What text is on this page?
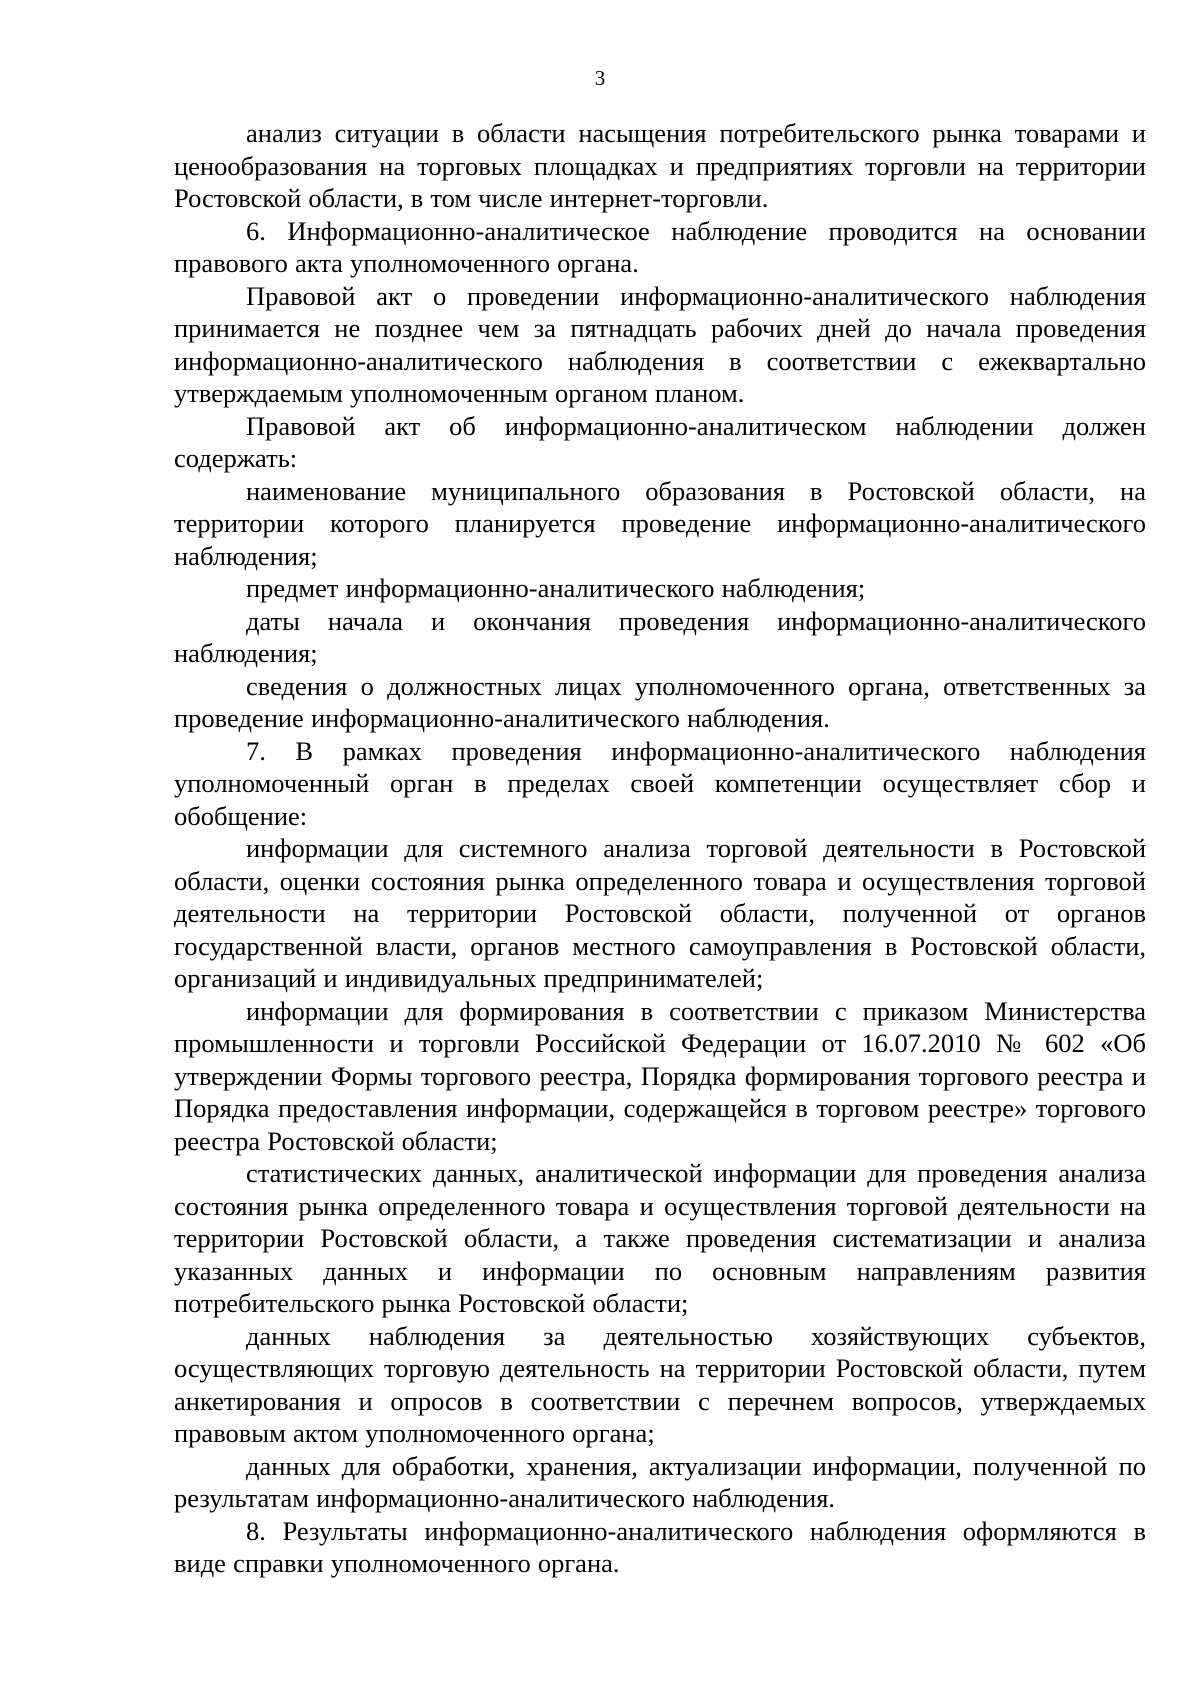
3

анализ ситуации в области насыщения потребительского рынка товарами и ценообразования на торговых площадках и предприятиях торговли на территории Ростовской области, в том числе интернет-торговли.

6. Информационно-аналитическое наблюдение проводится на основании правового акта уполномоченного органа.

Правовой акт о проведении информационно-аналитического наблюдения принимается не позднее чем за пятнадцать рабочих дней до начала проведения информационно-аналитического наблюдения в соответствии с ежеквартально утверждаемым уполномоченным органом планом.

Правовой акт об информационно-аналитическом наблюдении должен содержать:

наименование муниципального образования в Ростовской области, на территории которого планируется проведение информационно-аналитического наблюдения;

предмет информационно-аналитического наблюдения;

даты начала и окончания проведения информационно-аналитического наблюдения;

сведения о должностных лицах уполномоченного органа, ответственных за проведение информационно-аналитического наблюдения.

7. В рамках проведения информационно-аналитического наблюдения уполномоченный орган в пределах своей компетенции осуществляет сбор и обобщение:

информации для системного анализа торговой деятельности в Ростовской области, оценки состояния рынка определенного товара и осуществления торговой деятельности на территории Ростовской области, полученной от органов государственной власти, органов местного самоуправления в Ростовской области, организаций и индивидуальных предпринимателей;

информации для формирования в соответствии с приказом Министерства промышленности и торговли Российской Федерации от 16.07.2010 № 602 «Об утверждении Формы торгового реестра, Порядка формирования торгового реестра и Порядка предоставления информации, содержащейся в торговом реестре» торгового реестра Ростовской области;

статистических данных, аналитической информации для проведения анализа состояния рынка определенного товара и осуществления торговой деятельности на территории Ростовской области, а также проведения систематизации и анализа указанных данных и информации по основным направлениям развития потребительского рынка Ростовской области;

данных наблюдения за деятельностью хозяйствующих субъектов, осуществляющих торговую деятельность на территории Ростовской области, путем анкетирования и опросов в соответствии с перечнем вопросов, утверждаемых правовым актом уполномоченного органа;

данных для обработки, хранения, актуализации информации, полученной по результатам информационно-аналитического наблюдения.

8. Результаты информационно-аналитического наблюдения оформляются в виде справки уполномоченного органа.
